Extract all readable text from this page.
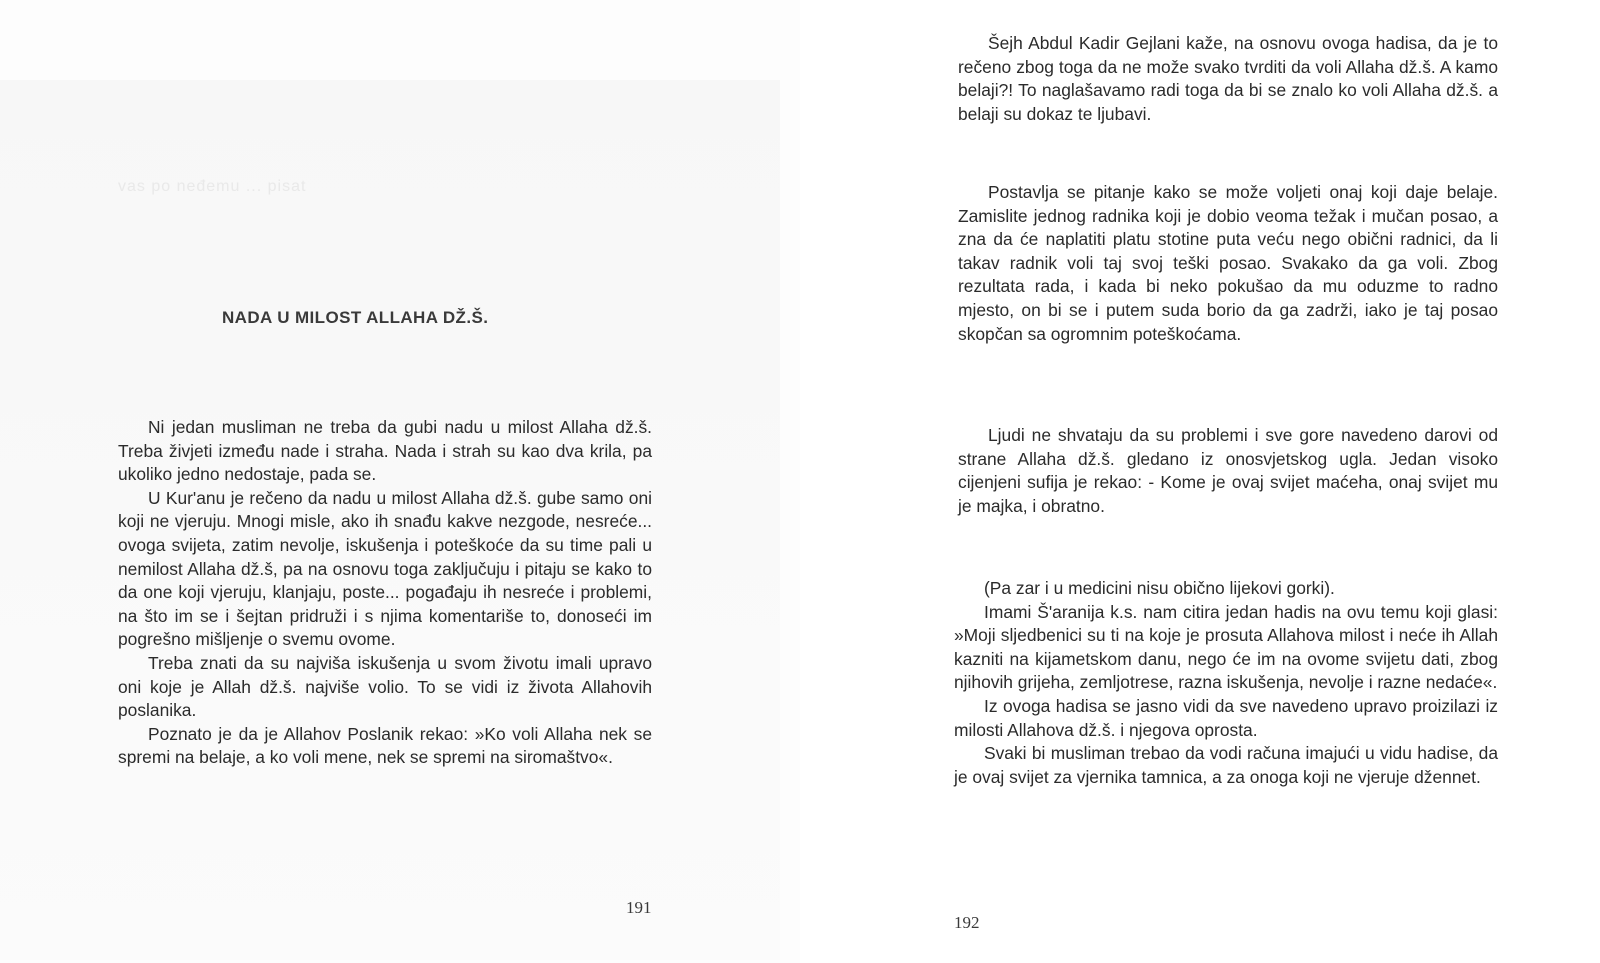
vas po neđemu ... pisat
NADA U MILOST ALLAHA DŽ.Š.

Ni jedan musliman ne treba da gubi nadu u milost Allaha dž.š. Treba živjeti između nade i straha. Nada i strah su kao dva krila, pa ukoliko jedno nedostaje, pada se.

U Kur'anu je rečeno da nadu u milost Allaha dž.š. gube samo oni koji ne vjeruju. Mnogi misle, ako ih snađu kakve nezgode, nesreće... ovoga svijeta, zatim nevolje, iskušenja i poteškoće da su time pali u nemilost Allaha dž.š, pa na osnovu toga zaključuju i pitaju se kako to da one koji vjeruju, klanjaju, poste... pogađaju ih nesreće i problemi, na što im se i šejtan pridruži i s njima komentariše to, donoseći im pogrešno mišljenje o svemu ovome.

Treba znati da su najviša iskušenja u svom životu imali upravo oni koje je Allah dž.š. najviše volio. To se vidi iz života Allahovih poslanika.

Poznato je da je Allahov Poslanik rekao: »Ko voli Allaha nek se spremi na belaje, a ko voli mene, nek se spremi na siromaštvo«.

191

Šejh Abdul Kadir Gejlani kaže, na osnovu ovoga hadisa, da je to rečeno zbog toga da ne može svako tvrditi da voli Allaha dž.š. A kamo belaji?! To naglašavamo radi toga da bi se znalo ko voli Allaha dž.š. a belaji su dokaz te ljubavi.

Postavlja se pitanje kako se može voljeti onaj koji daje belaje. Zamislite jednog radnika koji je dobio veoma težak i mučan posao, a zna da će naplatiti platu stotine puta veću nego obični radnici, da li takav radnik voli taj svoj teški posao. Svakako da ga voli. Zbog rezultata rada, i kada bi neko pokušao da mu oduzme to radno mjesto, on bi se i putem suda borio da ga zadrži, iako je taj posao skopčan sa ogromnim poteškoćama.

Ljudi ne shvataju da su problemi i sve gore navedeno darovi od strane Allaha dž.š. gledano iz onosvjetskog ugla. Jedan visoko cijenjeni sufija je rekao: - Kome je ovaj svijet maćeha, onaj svijet mu je majka, i obratno.

(Pa zar i u medicini nisu obično lijekovi gorki).

Imami Š'aranija k.s. nam citira jedan hadis na ovu temu koji glasi: »Moji sljedbenici su ti na koje je prosuta Allahova milost i neće ih Allah kazniti na kijametskom danu, nego će im na ovome svijetu dati, zbog njihovih grijeha, zemljotrese, razna iskušenja, nevolje i razne nedaće«.

Iz ovoga hadisa se jasno vidi da sve navedeno upravo proizilazi iz milosti Allahova dž.š. i njegova oprosta.

Svaki bi musliman trebao da vodi računa imajući u vidu hadise, da je ovaj svijet za vjernika tamnica, a za onoga koji ne vjeruje džennet.

192
